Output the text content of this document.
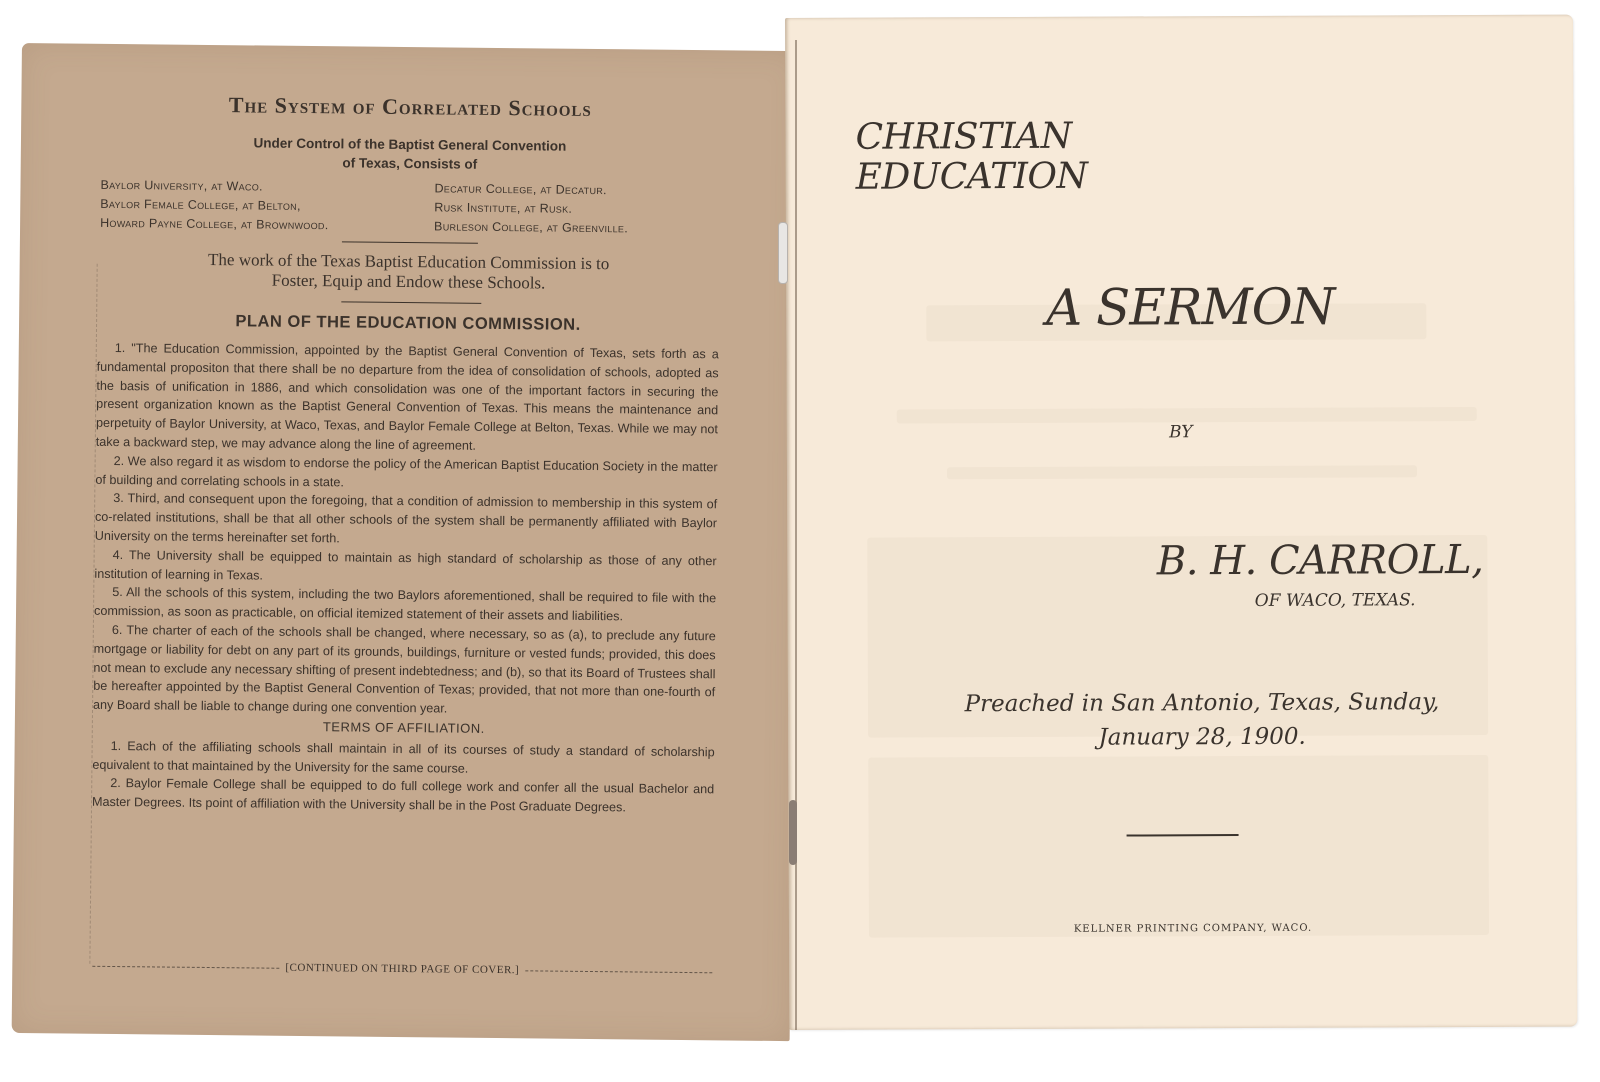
The System of Correlated Schools
Under Control of the Baptist General Convention
of Texas, Consists of
Baylor University, at Waco.	Decatur College, at Decatur.
Baylor Female College, at Belton,	Rusk Institute, at Rusk.
Howard Payne College, at Brownwood.	Burleson College, at Greenville.
The work of the Texas Baptist Education Commission is to
Foster, Equip and Endow these Schools.
PLAN OF THE EDUCATION COMMISSION.

1. "The Education Commission, appointed by the Baptist General Convention of Texas, sets forth as a fundamental propositon that there shall be no departure from the idea of consolidation of schools, adopted as the basis of unification in 1886, and which consolidation was one of the important factors in securing the present organization known as the Baptist General Convention of Texas. This means the maintenance and perpetuity of Baylor University, at Waco, Texas, and Baylor Female College at Belton, Texas. While we may not take a backward step, we may advance along the line of agreement.

2. We also regard it as wisdom to endorse the policy of the American Baptist Education Society in the matter of building and correlating schools in a state.

3. Third, and consequent upon the foregoing, that a condition of admission to membership in this system of co-related institutions, shall be that all other schools of the system shall be permanently affiliated with Baylor University on the terms hereinafter set forth.

4. The University shall be equipped to maintain as high standard of scholarship as those of any other institution of learning in Texas.

5. All the schools of this system, including the two Baylors aforementioned, shall be required to file with the commission, as soon as practicable, on official itemized statement of their assets and liabilities.

6. The charter of each of the schools shall be changed, where necessary, so as (a), to preclude any future mortgage or liability for debt on any part of its grounds, buildings, furniture or vested funds; provided, this does not mean to exclude any necessary shifting of present indebtedness; and (b), so that its Board of Trustees shall be hereafter appointed by the Baptist General Convention of Texas; provided, that not more than one-fourth of any Board shall be liable to change during one convention year.

TERMS OF AFFILIATION.

1. Each of the affiliating schools shall maintain in all of its courses of study a standard of scholarship equivalent to that maintained by the University for the same course.

2. Baylor Female College shall be equipped to do full college work and confer all the usual Bachelor and Master Degrees. Its point of affiliation with the University shall be in the Post Graduate Degrees.

[CONTINUED ON THIRD PAGE OF COVER.]
CHRISTIAN
EDUCATION
A SERMON
BY
B. H. CARROLL,
OF WACO, TEXAS.
Preached in San Antonio, Texas, Sunday,
January 28, 1900.
KELLNER PRINTING COMPANY, WACO.
